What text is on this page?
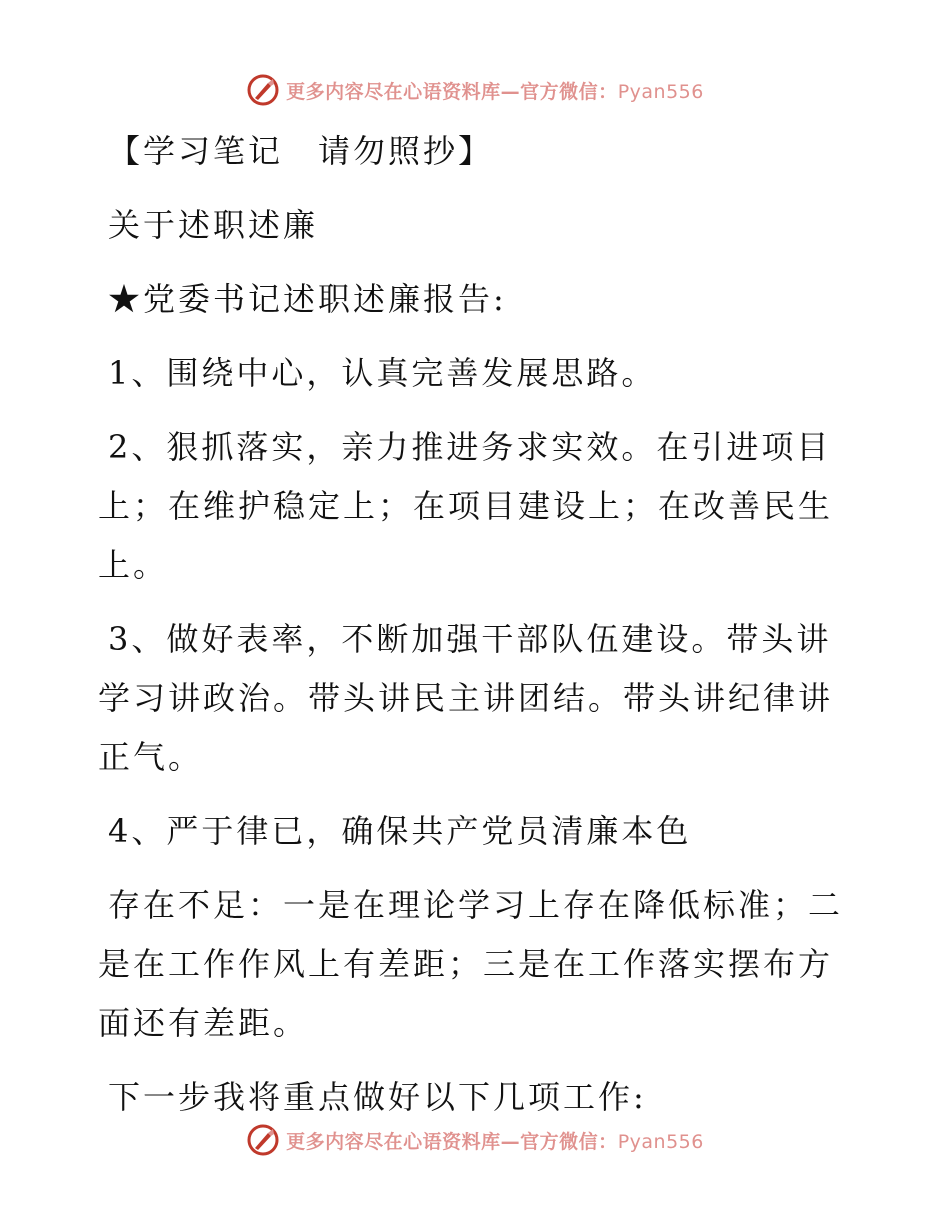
更多内容尽在心语资料库—官方微信：Pyan556
【学习笔记　请勿照抄】
关于述职述廉
★党委书记述职述廉报告:
1、围绕中心，认真完善发展思路。

2、狠抓落实，亲力推进务求实效。在引进项目上；在维护稳定上；在项目建设上；在改善民生上。

3、做好表率，不断加强干部队伍建设。带头讲学习讲政治。带头讲民主讲团结。带头讲纪律讲正气。

4、严于律已，确保共产党员清廉本色

存在不足：一是在理论学习上存在降低标准；二是在工作作风上有差距；三是在工作落实摆布方面还有差距。

下一步我将重点做好以下几项工作:
更多内容尽在心语资料库—官方微信：Pyan556
